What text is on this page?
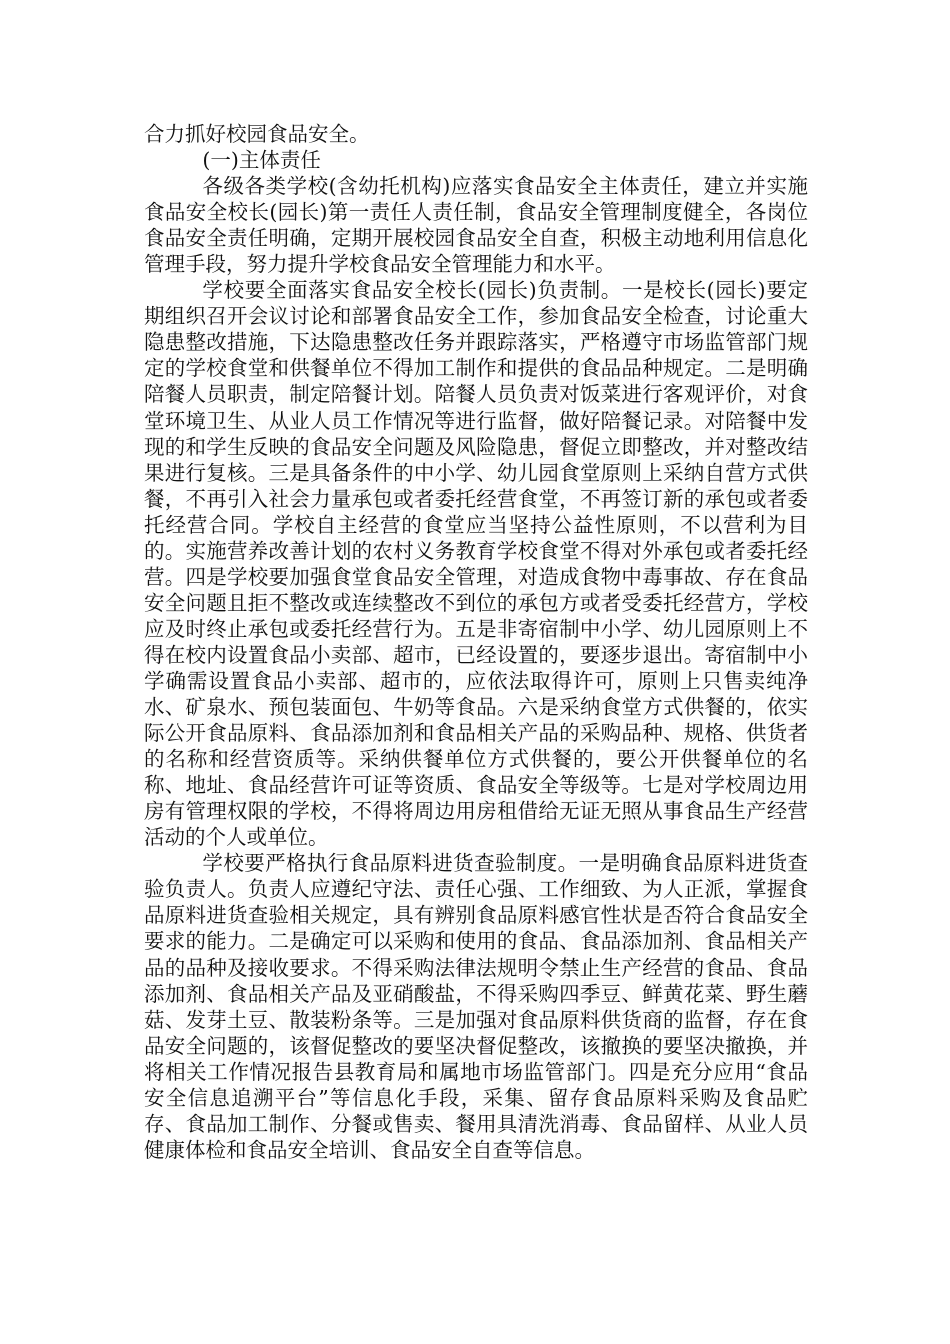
合力抓好校园食品安全。

(一)主体责任

各级各类学校(含幼托机构)应落实食品安全主体责任，建立并实施食品安全校长(园长)第一责任人责任制，食品安全管理制度健全，各岗位食品安全责任明确，定期开展校园食品安全自查，积极主动地利用信息化管理手段，努力提升学校食品安全管理能力和水平。

学校要全面落实食品安全校长(园长)负责制。一是校长(园长)要定期组织召开会议讨论和部署食品安全工作，参加食品安全检查，讨论重大隐患整改措施，下达隐患整改任务并跟踪落实，严格遵守市场监管部门规定的学校食堂和供餐单位不得加工制作和提供的食品品种规定。二是明确陪餐人员职责，制定陪餐计划。陪餐人员负责对饭菜进行客观评价，对食堂环境卫生、从业人员工作情况等进行监督，做好陪餐记录。对陪餐中发现的和学生反映的食品安全问题及风险隐患，督促立即整改，并对整改结果进行复核。三是具备条件的中小学、幼儿园食堂原则上采纳自营方式供餐，不再引入社会力量承包或者委托经营食堂，不再签订新的承包或者委托经营合同。学校自主经营的食堂应当坚持公益性原则，不以营利为目的。实施营养改善计划的农村义务教育学校食堂不得对外承包或者委托经营。四是学校要加强食堂食品安全管理，对造成食物中毒事故、存在食品安全问题且拒不整改或连续整改不到位的承包方或者受委托经营方，学校应及时终止承包或委托经营行为。五是非寄宿制中小学、幼儿园原则上不得在校内设置食品小卖部、超市，已经设置的，要逐步退出。寄宿制中小学确需设置食品小卖部、超市的，应依法取得许可，原则上只售卖纯净水、矿泉水、预包装面包、牛奶等食品。六是采纳食堂方式供餐的，依实际公开食品原料、食品添加剂和食品相关产品的采购品种、规格、供货者的名称和经营资质等。采纳供餐单位方式供餐的，要公开供餐单位的名称、地址、食品经营许可证等资质、食品安全等级等。七是对学校周边用房有管理权限的学校，不得将周边用房租借给无证无照从事食品生产经营活动的个人或单位。

学校要严格执行食品原料进货查验制度。一是明确食品原料进货查验负责人。负责人应遵纪守法、责任心强、工作细致、为人正派，掌握食品原料进货查验相关规定，具有辨别食品原料感官性状是否符合食品安全要求的能力。二是确定可以采购和使用的食品、食品添加剂、食品相关产品的品种及接收要求。不得采购法律法规明令禁止生产经营的食品、食品添加剂、食品相关产品及亚硝酸盐，不得采购四季豆、鲜黄花菜、野生蘑菇、发芽土豆、散装粉条等。三是加强对食品原料供货商的监督，存在食品安全问题的，该督促整改的要坚决督促整改，该撤换的要坚决撤换，并将相关工作情况报告县教育局和属地市场监管部门。四是充分应用“食品安全信息追溯平台”等信息化手段，采集、留存食品原料采购及食品贮存、食品加工制作、分餐或售卖、餐用具清洗消毒、食品留样、从业人员健康体检和食品安全培训、食品安全自查等信息。
